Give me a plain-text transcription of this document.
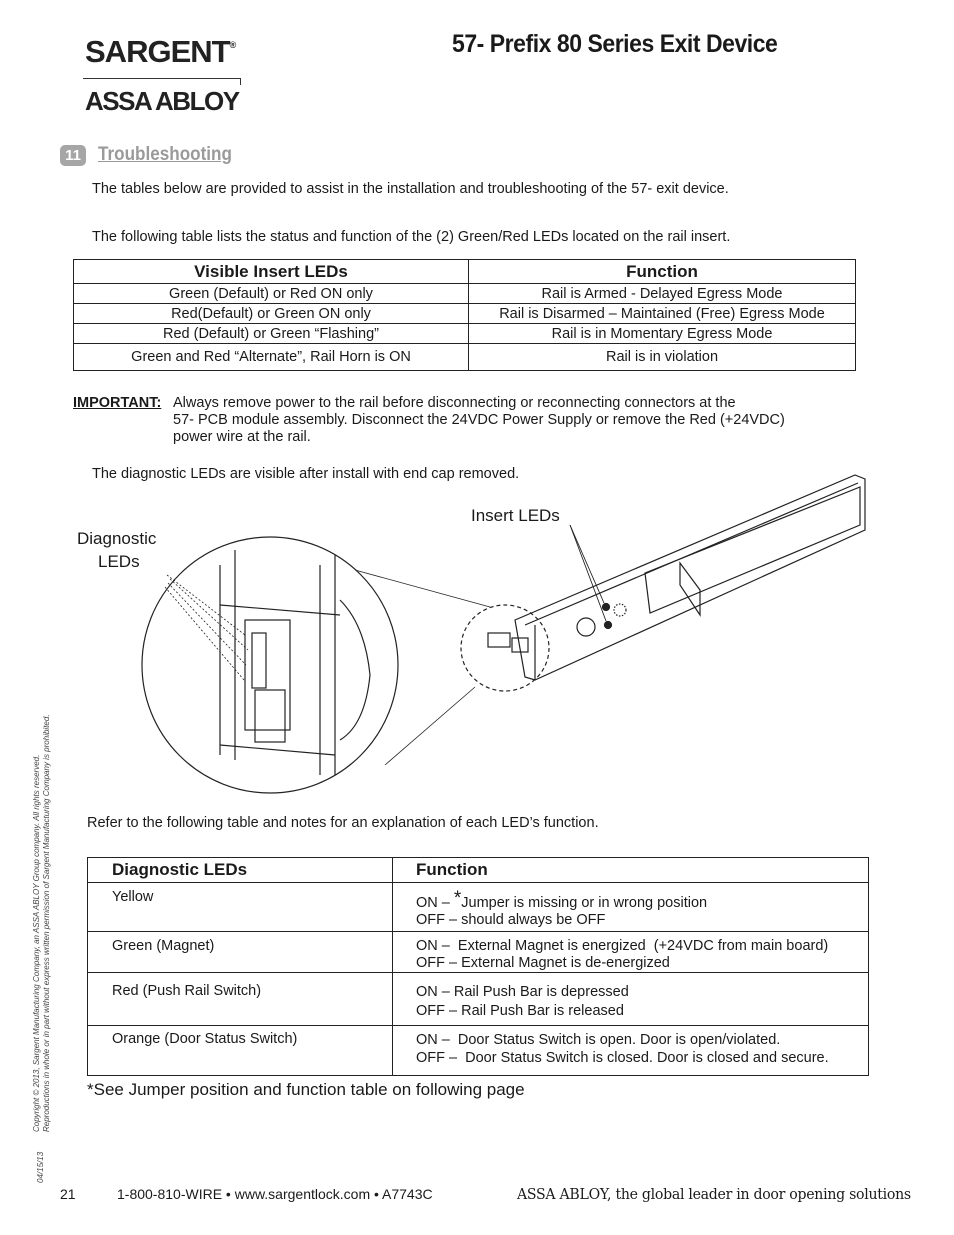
SARGENT®
ASSA ABLOY
57- Prefix 80 Series Exit Device
11 Troubleshooting
The tables below are provided to assist in the installation and troubleshooting of the 57- exit device.
The following table lists the status and function of the (2) Green/Red LEDs located on the rail insert.
Visible Insert LEDs	Function
Green (Default) or Red ON only	Rail is Armed - Delayed Egress Mode
Red(Default) or Green ON only	Rail is Disarmed – Maintained (Free) Egress Mode
Red (Default) or Green “Flashing”	Rail is in Momentary Egress Mode
Green and Red “Alternate”, Rail Horn is ON	Rail is in violation
IMPORTANT: Always remove power to the rail before disconnecting or reconnecting connectors at the
57- PCB module assembly. Disconnect the 24VDC Power Supply or remove the Red (+24VDC)
power wire at the rail.
The diagnostic LEDs are visible after install with end cap removed.
Insert LEDs
Diagnostic
LEDs
Refer to the following table and notes for an explanation of each LED’s function.
Diagnostic LEDs	Function
Yellow	ON – *Jumper is missing or in wrong position
OFF – should always be OFF

Green (Magnet)	ON –  External Magnet is energized  (+24VDC from main board)
OFF – External Magnet is de-energized

Red (Push Rail Switch)	ON – Rail Push Bar is depressed
OFF – Rail Push Bar is released

Orange (Door Status Switch)	ON –  Door Status Switch is open. Door is open/violated.
OFF –  Door Status Switch is closed. Door is closed and secure.
*See Jumper position and function table on following page
Copyright © 2013, Sargent Manufacturing Company, an ASSA ABLOY Group company. All rights reserved. Reproductions in whole or in part without express written permission of Sargent Manufacturing Company is prohibited.
04/15/13
21	1-800-810-WIRE • www.sargentlock.com • A7743C	ASSA ABLOY, the global leader in door opening solutions
